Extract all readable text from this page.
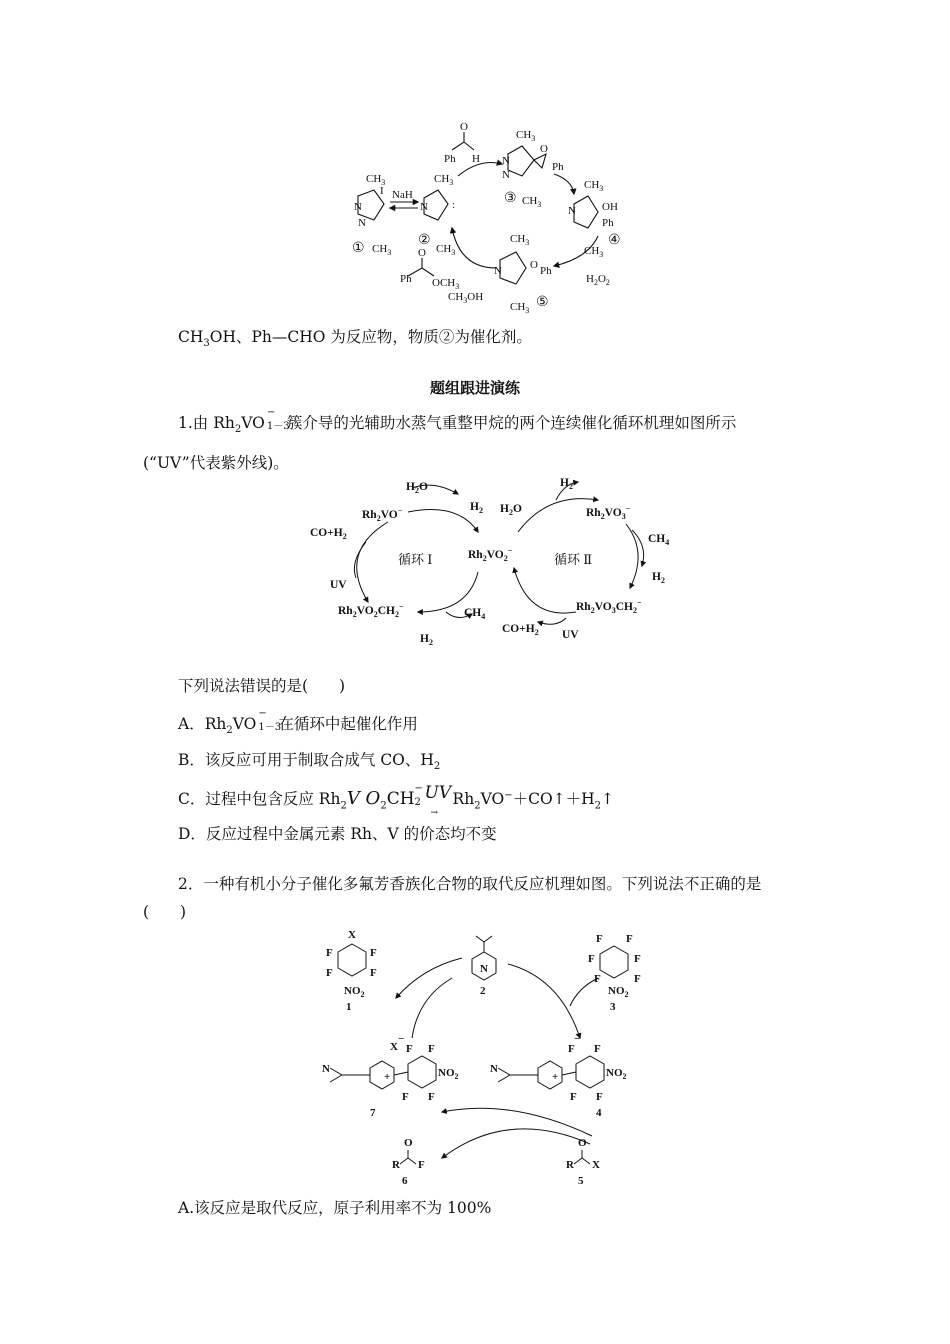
Ph H
O
$CH_3$
N
N
O
Ph
③ $CH_3$
$CH_3$
N
N
I
① $CH_3$
NaH
$CH_3$
N :
②
$CH_3$
$CH_3$
N OH
Ph
④
$CH_3$
$H_2O_2$
$CH_3$
N	O Ph
⑤
$CH_3$
Ph
O
$OCH_3$
$CH_3OH$
$CH_3OH$、Ph—CHO 为反应物，物质②为催化剂。
题组跟进演练
1.由 $Rh_2VO$
−
1－3
簇介导的光辅助水蒸气重整甲烷的两个连续催化循环机理如图所示
(“UV”代表紫外线)。
$H_2O$
$H_2$
$Rh_2VO^-$
$CO+H_2$
UV
循环 Ⅰ	$Rh_2VO_2^-$
循环 Ⅱ
$Rh_2VO_2CH_2^-$
$CH_4$
$H_2$
$H_2O$
$H_2$
$Rh_2VO_3^-$
$CH_4$
$H_2$
$Rh_2VO_3CH_2^-$
$CO+H_2$ UV
下列说法错误的是(　　)
A．$Rh_2VO$
−
1－3
在循环中起催化作用
B．该反应可用于制取合成气 CO、$H_2$
C．过程中包含反应 $Rh_2V$ $O_2CH$
−
2
UV
→
$Rh_2VO^-+CO↑+H_2↑$
D．反应过程中金属元素 Rh、V 的价态均不变
2．一种有机小分子催化多氟芳香族化合物的取代反应机理如图。下列说法不正确的是
(　　)
X
F	F
F	F
$NO_2$
1
N
2
F F
F	F
F	F
$NO_2$
3
N
+
X
−
F F
F F
$NO_2$
7
N
+
F
−
F
F F
$NO_2$
4
R
O
F
6
R
O
X
5
A.该反应是取代反应，原子利用率不为 100%
